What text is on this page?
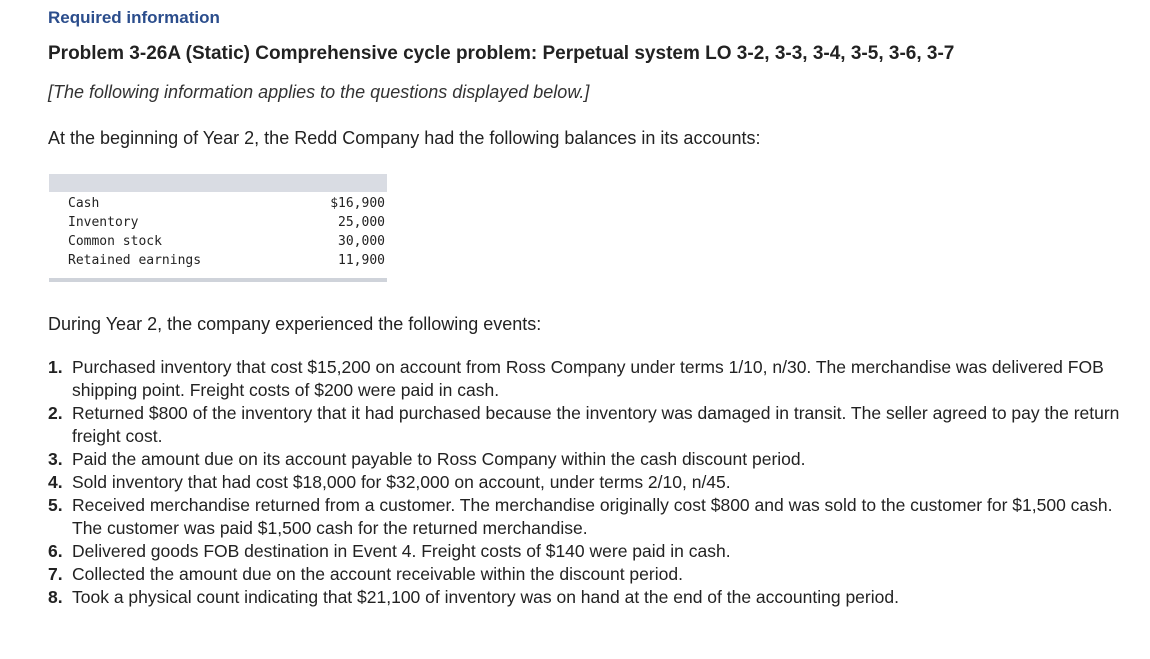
Required information
Problem 3-26A (Static) Comprehensive cycle problem: Perpetual system LO 3-2, 3-3, 3-4, 3-5, 3-6, 3-7
[The following information applies to the questions displayed below.]
At the beginning of Year 2, the Redd Company had the following balances in its accounts:
Cash	$16,900
Inventory	25,000
Common stock	30,000
Retained earnings	11,900
During Year 2, the company experienced the following events:
1. Purchased inventory that cost $15,200 on account from Ross Company under terms 1/10, n/30. The merchandise was delivered FOB shipping point. Freight costs of $200 were paid in cash.
2. Returned $800 of the inventory that it had purchased because the inventory was damaged in transit. The seller agreed to pay the return freight cost.
3. Paid the amount due on its account payable to Ross Company within the cash discount period.
4. Sold inventory that had cost $18,000 for $32,000 on account, under terms 2/10, n/45.
5. Received merchandise returned from a customer. The merchandise originally cost $800 and was sold to the customer for $1,500 cash. The customer was paid $1,500 cash for the returned merchandise.
6. Delivered goods FOB destination in Event 4. Freight costs of $140 were paid in cash.
7. Collected the amount due on the account receivable within the discount period.
8. Took a physical count indicating that $21,100 of inventory was on hand at the end of the accounting period.
